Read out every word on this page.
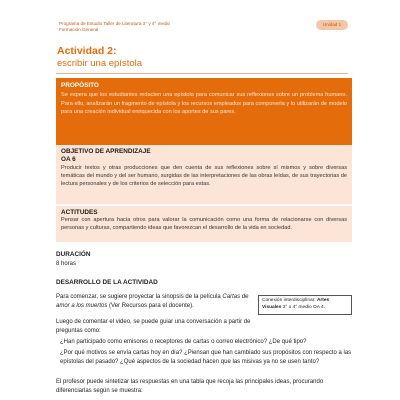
Programa de Estudio Taller de Literatura 3° y 4° medio
Formación General
Unidad 1
Actividad 2:
escribir una epístola
PROPÓSITO
Se espera que los estudiantes redacten una epístola para comunicar sus reflexiones sobre un problema humano. Para ello, analizarán un fragmento de epístola y los recursos empleados para componerla y lo utilizarán de modelo para una creación individual enriquecida con los aportes de sus pares.
OBJETIVO DE APRENDIZAJE
OA 6
Producir textos y otras producciones que den cuenta de sus reflexiones sobre sí mismos y sobre diversas temáticas del mundo y del ser humano, surgidas de las interpretaciones de las obras leídas, de sus trayectorias de lectura personales y de los criterios de selección para estas.
ACTITUDES
Pensar con apertura hacia otros para valorar la comunicación como una forma de relacionarse con diversas personas y culturas, compartiendo ideas que favorezcan el desarrollo de la vida en sociedad.
DURACIÓN
8 horas
DESARROLLO DE LA ACTIVIDAD
Para comenzar, se sugiere proyectar la sinopsis de la película Cartas de amor a los muertos (Ver Recursos para el docente).
Conexión interdisciplinar: Artes Visuales 3° o 4° medio OA 4.
Luego de comentar el video, se puede guiar una conversación a partir de preguntas como:
¿Han participado como emisores o receptores de cartas o correo electrónico? ¿De qué tipo?
¿Por qué motivos se envía cartas hoy en día? ¿Piensan que han cambiado sus propósitos con respecto a las epístolas del pasado? ¿Qué aspectos de la sociedad hacen que las misivas ya no se usen tanto?
El profesor puede sintetizar las respuestas en una tabla que recoja las principales ideas, procurando diferenciarlas según se muestra:
